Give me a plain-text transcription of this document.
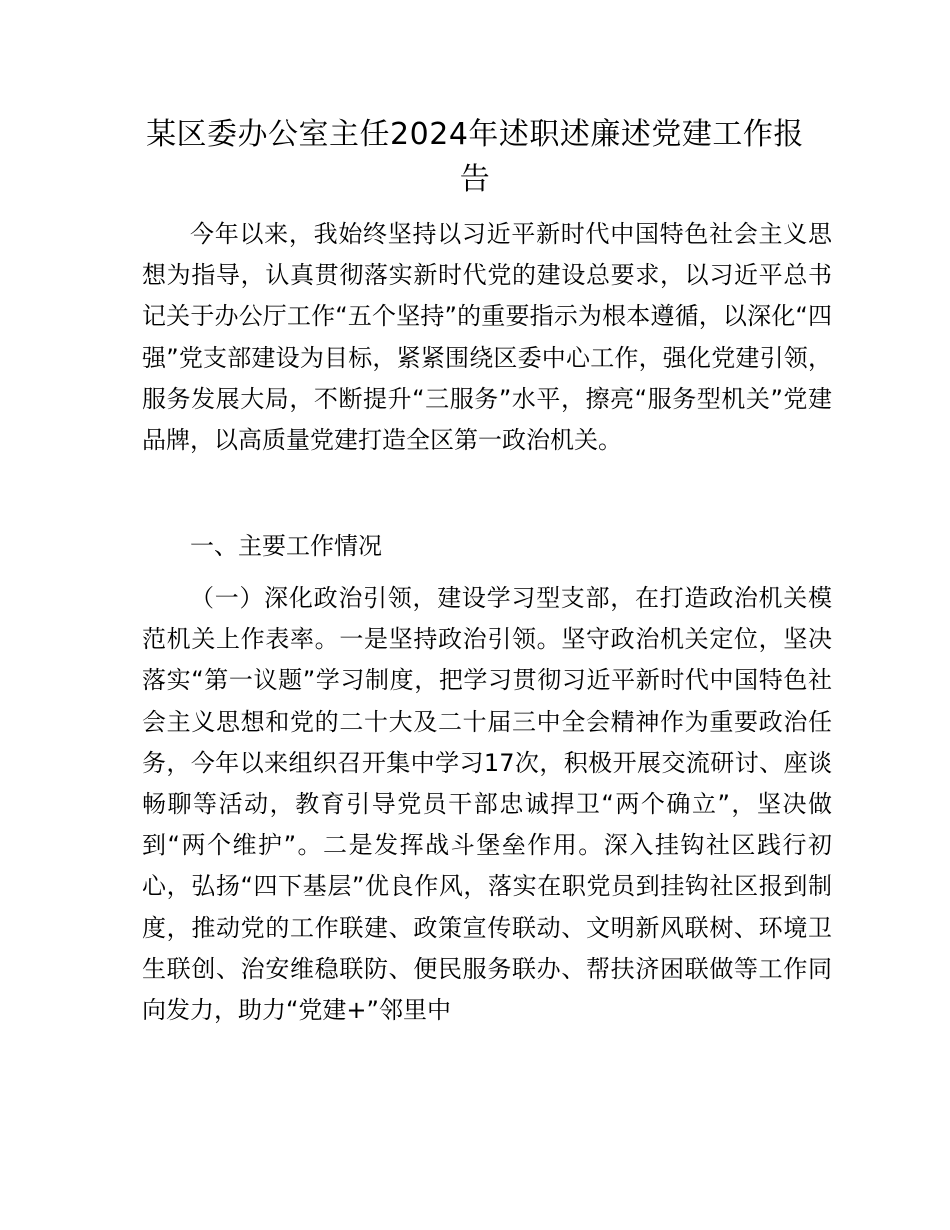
某区委办公室主任2024年述职述廉述党建工作报告

今年以来，我始终坚持以习近平新时代中国特色社会主义思想为指导，认真贯彻落实新时代党的建设总要求，以习近平总书记关于办公厅工作“五个坚持”的重要指示为根本遵循，以深化“四强”党支部建设为目标，紧紧围绕区委中心工作，强化党建引领，服务发展大局，不断提升“三服务”水平，擦亮“服务型机关”党建品牌，以高质量党建打造全区第一政治机关。

一、主要工作情况

（一）深化政治引领，建设学习型支部，在打造政治机关模范机关上作表率。一是坚持政治引领。坚守政治机关定位，坚决落实“第一议题”学习制度，把学习贯彻习近平新时代中国特色社会主义思想和党的二十大及二十届三中全会精神作为重要政治任务，今年以来组织召开集中学习17次，积极开展交流研讨、座谈畅聊等活动，教育引导党员干部忠诚捍卫“两个确立”，坚决做到“两个维护”。二是发挥战斗堡垒作用。深入挂钩社区践行初心，弘扬“四下基层”优良作风，落实在职党员到挂钩社区报到制度，推动党的工作联建、政策宣传联动、文明新风联树、环境卫生联创、治安维稳联防、便民服务联办、帮扶济困联做等工作同向发力，助力“党建+”邻里中
